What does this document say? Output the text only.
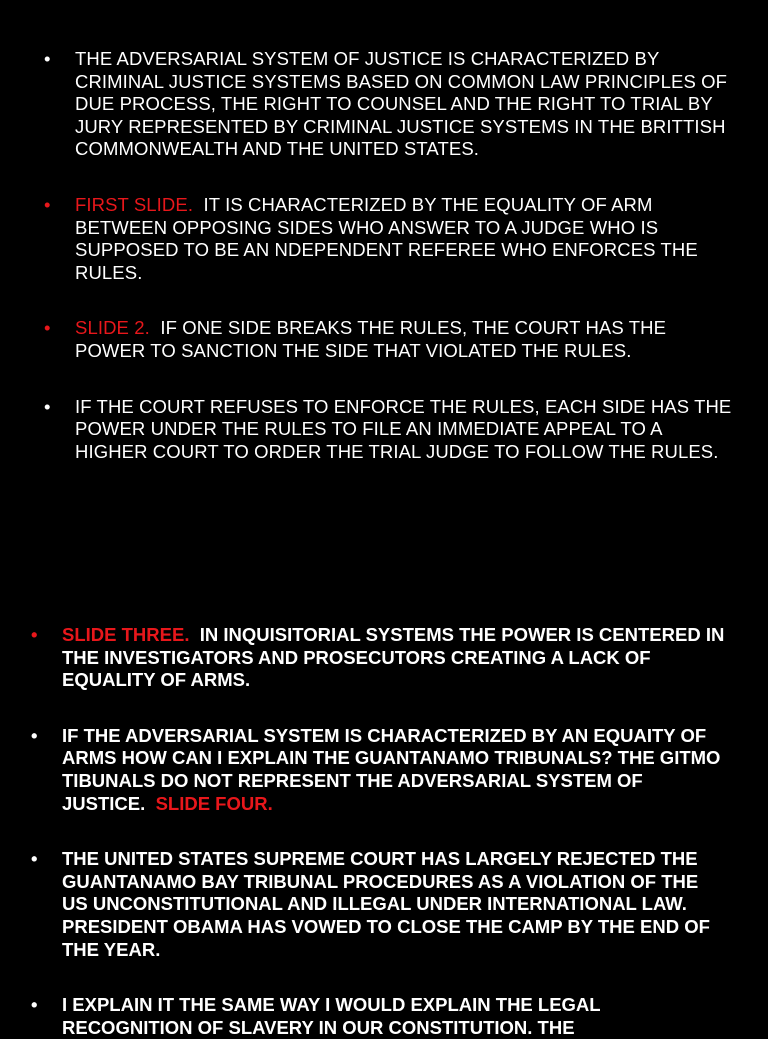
• THE ADVERSARIAL SYSTEM OF JUSTICE IS CHARACTERIZED BY CRIMINAL JUSTICE SYSTEMS BASED ON COMMON LAW PRINCIPLES OF DUE PROCESS, THE RIGHT TO COUNSEL AND THE RIGHT TO TRIAL BY JURY REPRESENTED BY CRIMINAL JUSTICE SYSTEMS IN THE BRITTISH COMMONWEALTH AND THE UNITED STATES.
• FIRST SLIDE. IT IS CHARACTERIZED BY THE EQUALITY OF ARM BETWEEN OPPOSING SIDES WHO ANSWER TO A JUDGE WHO IS SUPPOSED TO BE AN NDEPENDENT REFEREE WHO ENFORCES THE RULES.
• SLIDE 2. IF ONE SIDE BREAKS THE RULES, THE COURT HAS THE POWER TO SANCTION THE SIDE THAT VIOLATED THE RULES.
• IF THE COURT REFUSES TO ENFORCE THE RULES, EACH SIDE HAS THE POWER UNDER THE RULES TO FILE AN IMMEDIATE APPEAL TO A HIGHER COURT TO ORDER THE TRIAL JUDGE TO FOLLOW THE RULES.
• SLIDE THREE. IN INQUISITORIAL SYSTEMS THE POWER IS CENTERED IN THE INVESTIGATORS AND PROSECUTORS CREATING A LACK OF EQUALITY OF ARMS.
• IF THE ADVERSARIAL SYSTEM IS CHARACTERIZED BY AN EQUAITY OF ARMS HOW CAN I EXPLAIN THE GUANTANAMO TRIBUNALS? THE GITMO TIBUNALS DO NOT REPRESENT THE ADVERSARIAL SYSTEM OF JUSTICE. SLIDE FOUR.
• THE UNITED STATES SUPREME COURT HAS LARGELY REJECTED THE GUANTANAMO BAY TRIBUNAL PROCEDURES AS A VIOLATION OF THE US UNCONSTITUTIONAL AND ILLEGAL UNDER INTERNATIONAL LAW. PRESIDENT OBAMA HAS VOWED TO CLOSE THE CAMP BY THE END OF THE YEAR.
• I EXPLAIN IT THE SAME WAY I WOULD EXPLAIN THE LEGAL RECOGNITION OF SLAVERY IN OUR CONSTITUTION. THE
